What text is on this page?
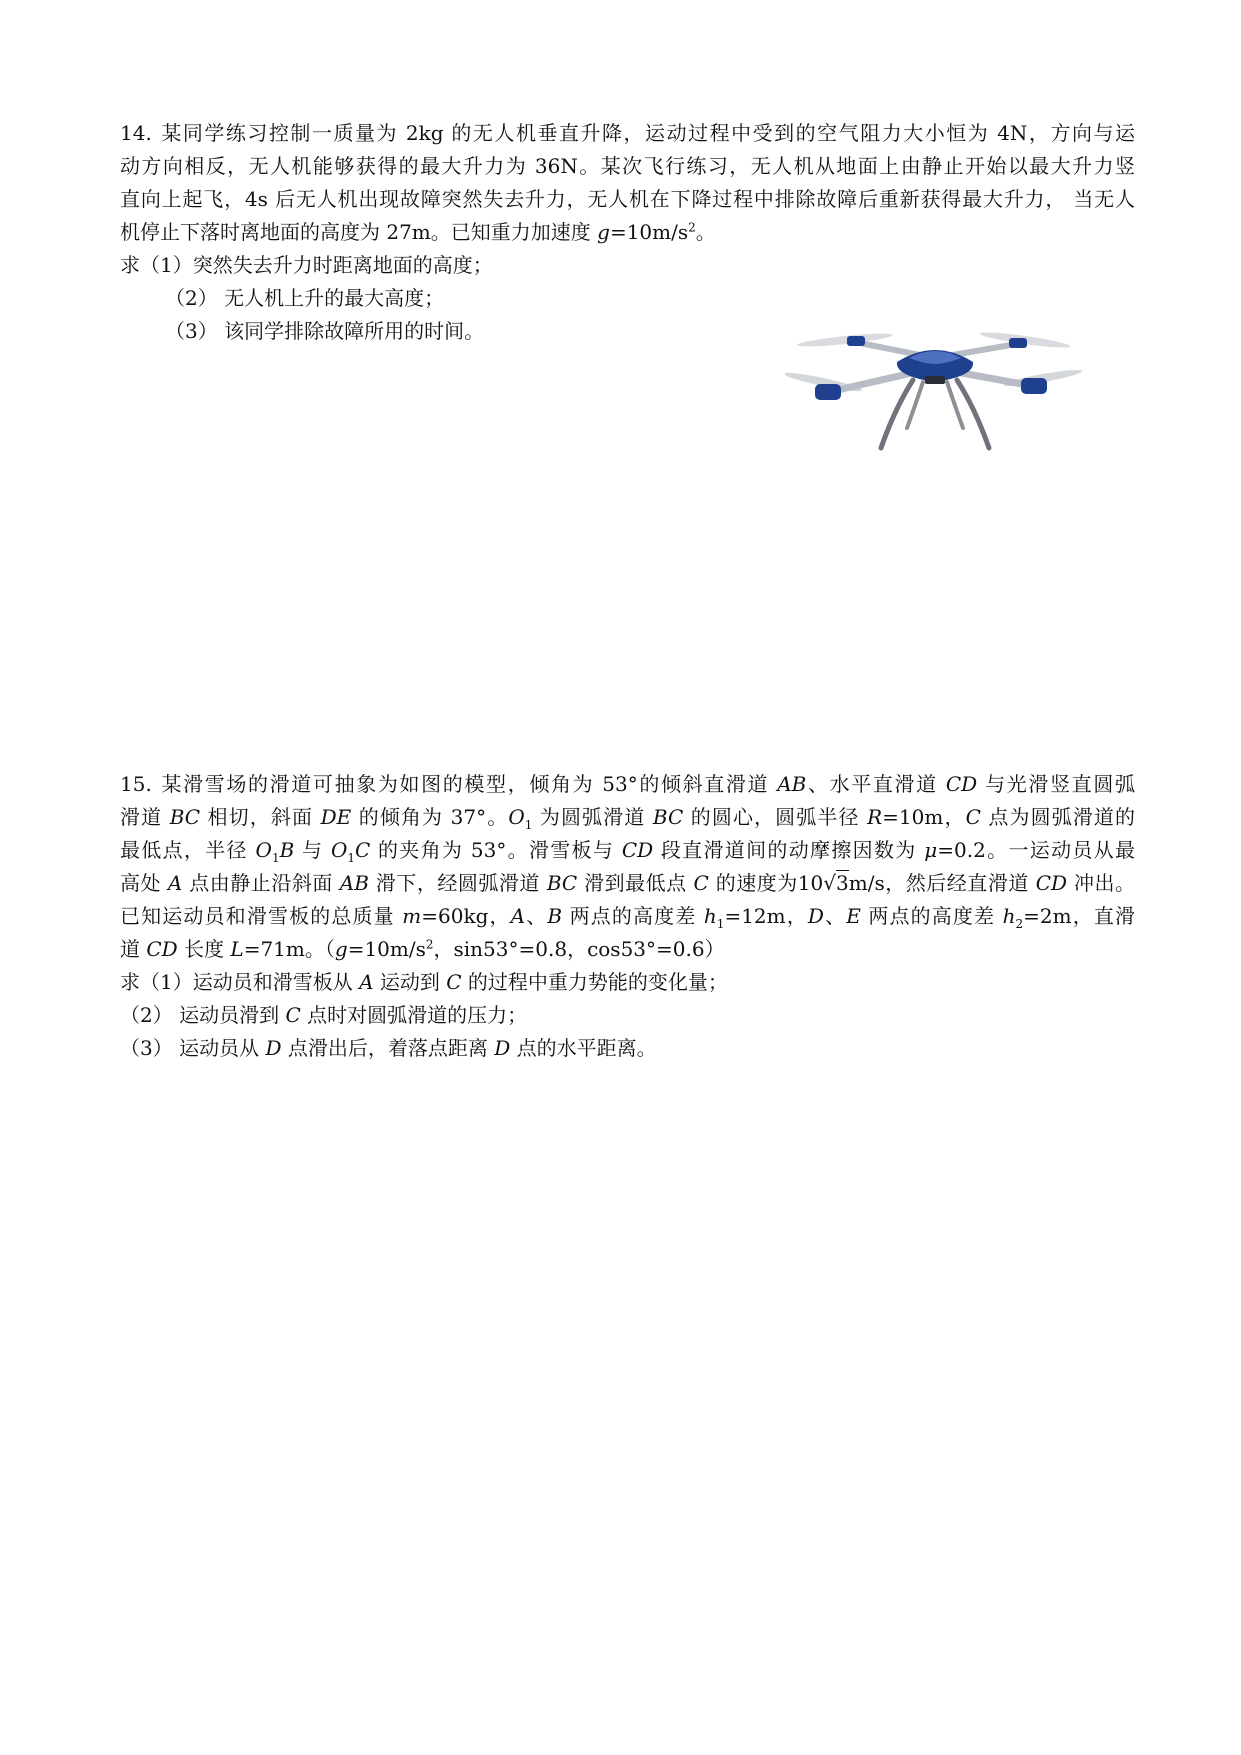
14. 某同学练习控制一质量为 2kg 的无人机垂直升降，运动过程中受到的空气阻力大小恒为 4N，方向与运
动方向相反，无人机能够获得的最大升力为 36N。某次飞行练习，无人机从地面上由静止开始以最大升力竖
直向上起飞，4s 后无人机出现故障突然失去升力，无人机在下降过程中排除故障后重新获得最大升力， 当无人
机停止下落时离地面的高度为 27m。已知重力加速度 $g=10m/s^2$。
求（1）突然失去升力时距离地面的高度；
（2） 无人机上升的最大高度；
（3） 该同学排除故障所用的时间。
15. 某滑雪场的滑道可抽象为如图的模型，倾角为 53°的倾斜直滑道 AB、水平直滑道 CD 与光滑竖直圆弧
滑道 BC 相切，斜面 DE 的倾角为 37°。$O_1$ 为圆弧滑道 BC 的圆心，圆弧半径 R=10m，C 点为圆弧滑道的
最低点，半径 $O_1B$ 与 $O_1C$ 的夹角为 53°。滑雪板与 CD 段直滑道间的动摩擦因数为 μ=0.2。一运动员从最
高处 A 点由静止沿斜面 AB 滑下，经圆弧滑道 BC 滑到最低点 C 的速度为10√3m/s，然后经直滑道 CD 冲出。
已知运动员和滑雪板的总质量 m=60kg，A、B 两点的高度差 $h_1=12m$，D、E 两点的高度差 $h_2=2m$，直滑
道 CD 长度 L=71m。（$g=10m/s^2$，sin53°=0.8，cos53°=0.6）
求（1）运动员和滑雪板从 A 运动到 C 的过程中重力势能的变化量；
（2） 运动员滑到 C 点时对圆弧滑道的压力；
（3） 运动员从 D 点滑出后，着落点距离 D 点的水平距离。
